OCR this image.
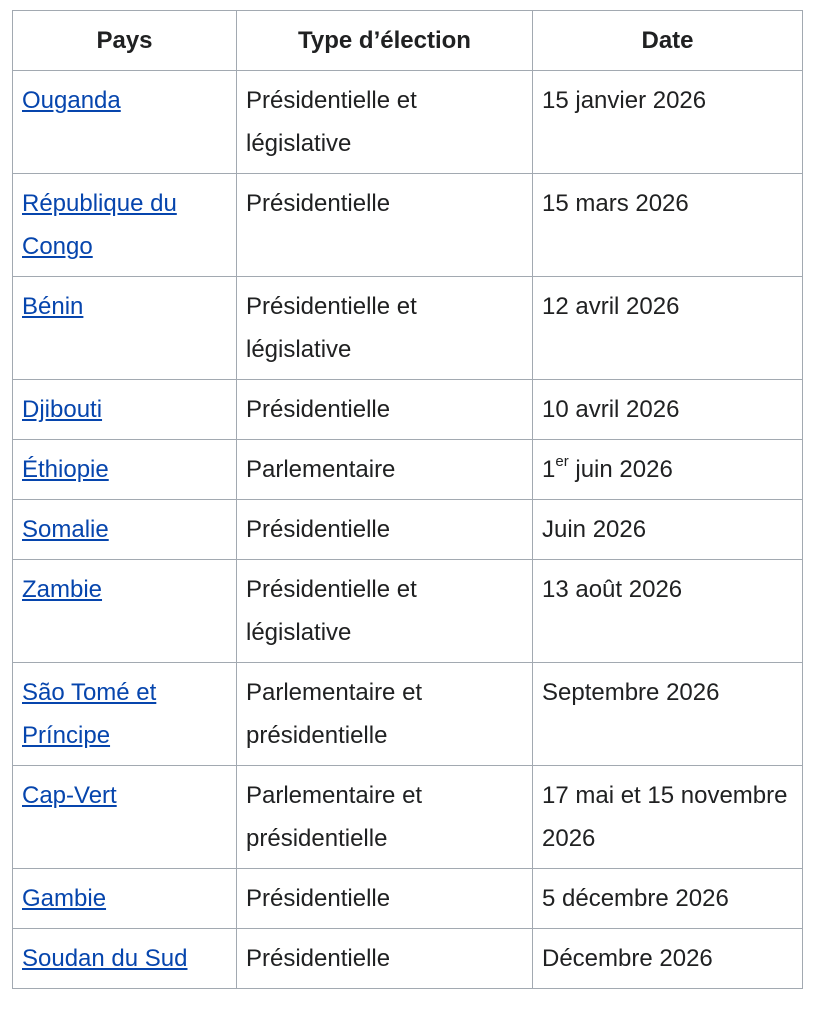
Pays	Type d’élection	Date
Ouganda	Présidentielle et législative	15 janvier 2026
République du Congo	Présidentielle	15 mars 2026
Bénin	Présidentielle et législative	12 avril 2026
Djibouti	Présidentielle	10 avril 2026
Éthiopie	Parlementaire	1er juin 2026
Somalie	Présidentielle	Juin 2026
Zambie	Présidentielle et législative	13 août 2026
São Tomé et Príncipe	Parlementaire et présidentielle	Septembre 2026
Cap-Vert	Parlementaire et présidentielle	17 mai et 15 novembre 2026
Gambie	Présidentielle	5 décembre 2026
Soudan du Sud	Présidentielle	Décembre 2026
